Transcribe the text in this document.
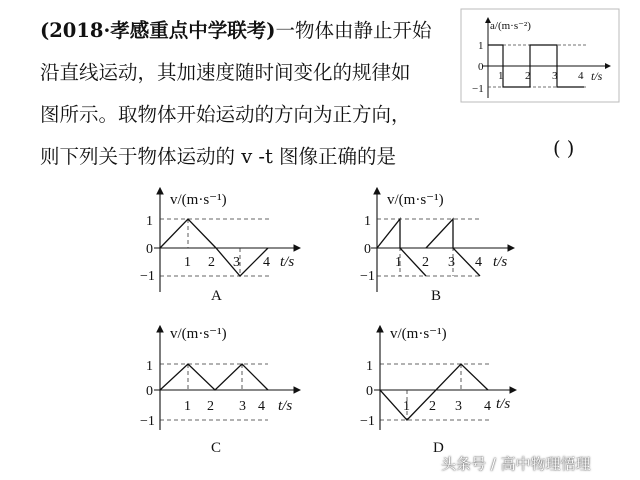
(2018·孝感重点中学联考)一物体由静止开始
沿直线运动，其加速度随时间变化的规律如
图所示。取物体开始运动的方向为正方向，
则下列关于物体运动的 v -t 图像正确的是	( )
a/(m·s⁻²)
t/s
1
0
−1
1 2 3 4
v/(m·s⁻¹)
t/s
1
0
−1
1 2 3 4
A
v/(m·s⁻¹)
t/s
1
0
−1
1 2 3 4
B
v/(m·s⁻¹)
t/s
1
0
−1
1 2 3 4
C
v/(m·s⁻¹)
t/s
1
0
−1
1 2 3 4
D
头条号 / 高中物理悟理
